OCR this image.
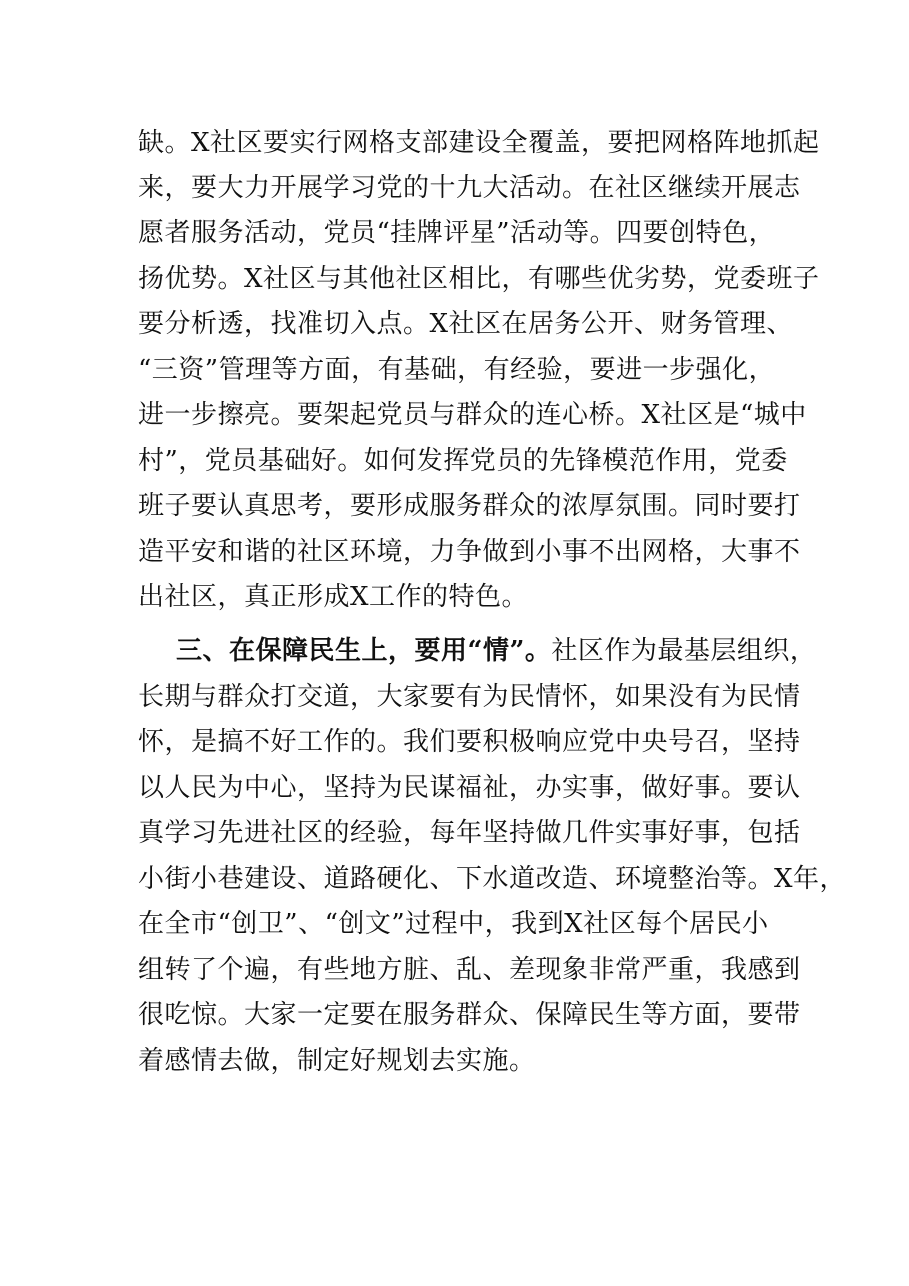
缺。X社区要实行网格支部建设全覆盖，要把网格阵地抓起
来，要大力开展学习党的十九大活动。在社区继续开展志
愿者服务活动，党员“挂牌评星”活动等。四要创特色，
扬优势。X社区与其他社区相比，有哪些优劣势，党委班子
要分析透，找准切入点。X社区在居务公开、财务管理、
“三资”管理等方面，有基础，有经验，要进一步强化，
进一步擦亮。要架起党员与群众的连心桥。X社区是“城中
村”，党员基础好。如何发挥党员的先锋模范作用，党委
班子要认真思考，要形成服务群众的浓厚氛围。同时要打
造平安和谐的社区环境，力争做到小事不出网格，大事不
出社区，真正形成X工作的特色。
三、在保障民生上，要用“情”。社区作为最基层组织，
长期与群众打交道，大家要有为民情怀，如果没有为民情
怀，是搞不好工作的。我们要积极响应党中央号召，坚持
以人民为中心，坚持为民谋福祉，办实事，做好事。要认
真学习先进社区的经验，每年坚持做几件实事好事，包括
小街小巷建设、道路硬化、下水道改造、环境整治等。X年，
在全市“创卫”、“创文”过程中，我到X社区每个居民小
组转了个遍，有些地方脏、乱、差现象非常严重，我感到
很吃惊。大家一定要在服务群众、保障民生等方面，要带
着感情去做，制定好规划去实施。
